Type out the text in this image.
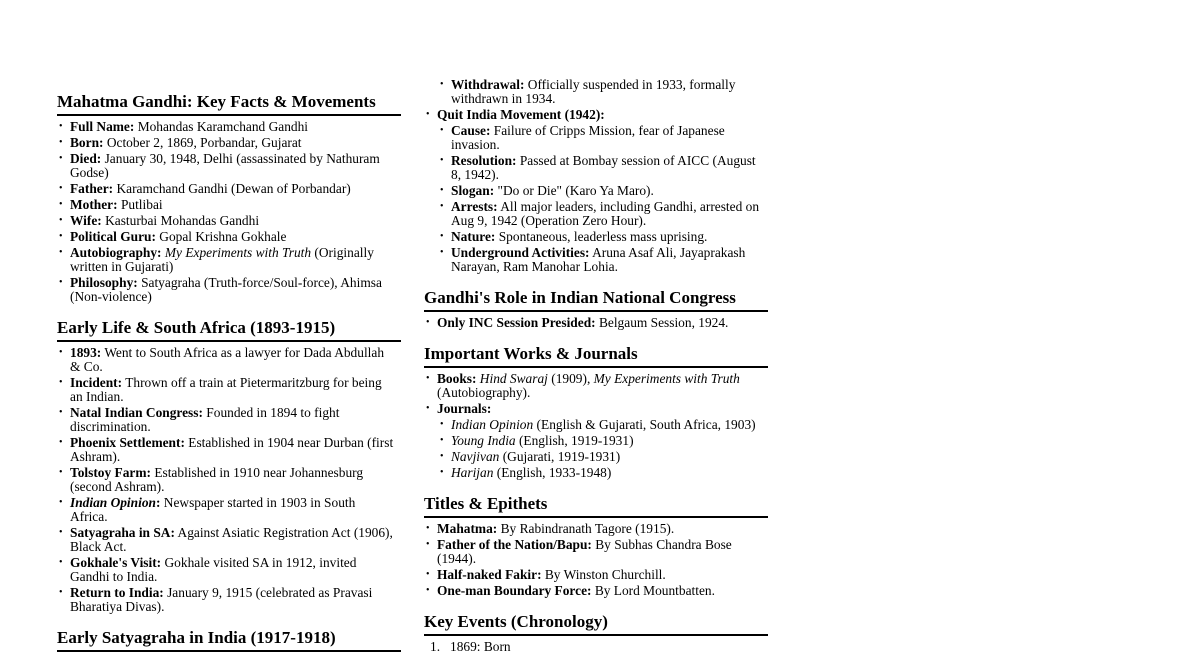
Mahatma Gandhi: Key Facts & Movements
• Full Name: Mohandas Karamchand Gandhi
• Born: October 2, 1869, Porbandar, Gujarat
• Died: January 30, 1948, Delhi (assassinated by Nathuram Godse)
• Father: Karamchand Gandhi (Dewan of Porbandar)
• Mother: Putlibai
• Wife: Kasturbai Mohandas Gandhi
• Political Guru: Gopal Krishna Gokhale
• Autobiography: My Experiments with Truth (Originally written in Gujarati)
• Philosophy: Satyagraha (Truth-force/Soul-force), Ahimsa (Non-violence)
Early Life & South Africa (1893-1915)
• 1893: Went to South Africa as a lawyer for Dada Abdullah & Co.
• Incident: Thrown off a train at Pietermaritzburg for being an Indian.
• Natal Indian Congress: Founded in 1894 to fight discrimination.
• Phoenix Settlement: Established in 1904 near Durban (first Ashram).
• Tolstoy Farm: Established in 1910 near Johannesburg (second Ashram).
• Indian Opinion: Newspaper started in 1903 in South Africa.
• Satyagraha in SA: Against Asiatic Registration Act (1906), Black Act.
• Gokhale's Visit: Gokhale visited SA in 1912, invited Gandhi to India.
• Return to India: January 9, 1915 (celebrated as Pravasi Bharatiya Divas).
Early Satyagraha in India (1917-1918)
• Withdrawal: Officially suspended in 1933, formally withdrawn in 1934.
• Quit India Movement (1942):
• Cause: Failure of Cripps Mission, fear of Japanese invasion.
• Resolution: Passed at Bombay session of AICC (August 8, 1942).
• Slogan: "Do or Die" (Karo Ya Maro).
• Arrests: All major leaders, including Gandhi, arrested on Aug 9, 1942 (Operation Zero Hour).
• Nature: Spontaneous, leaderless mass uprising.
• Underground Activities: Aruna Asaf Ali, Jayaprakash Narayan, Ram Manohar Lohia.
Gandhi's Role in Indian National Congress
• Only INC Session Presided: Belgaum Session, 1924.
Important Works & Journals
• Books: Hind Swaraj (1909), My Experiments with Truth (Autobiography).
• Journals:
• Indian Opinion (English & Gujarati, South Africa, 1903)
• Young India (English, 1919-1931)
• Navjivan (Gujarati, 1919-1931)
• Harijan (English, 1933-1948)
Titles & Epithets
• Mahatma: By Rabindranath Tagore (1915).
• Father of the Nation/Bapu: By Subhas Chandra Bose (1944).
• Half-naked Fakir: By Winston Churchill.
• One-man Boundary Force: By Lord Mountbatten.
Key Events (Chronology)
1. 1869: Born
